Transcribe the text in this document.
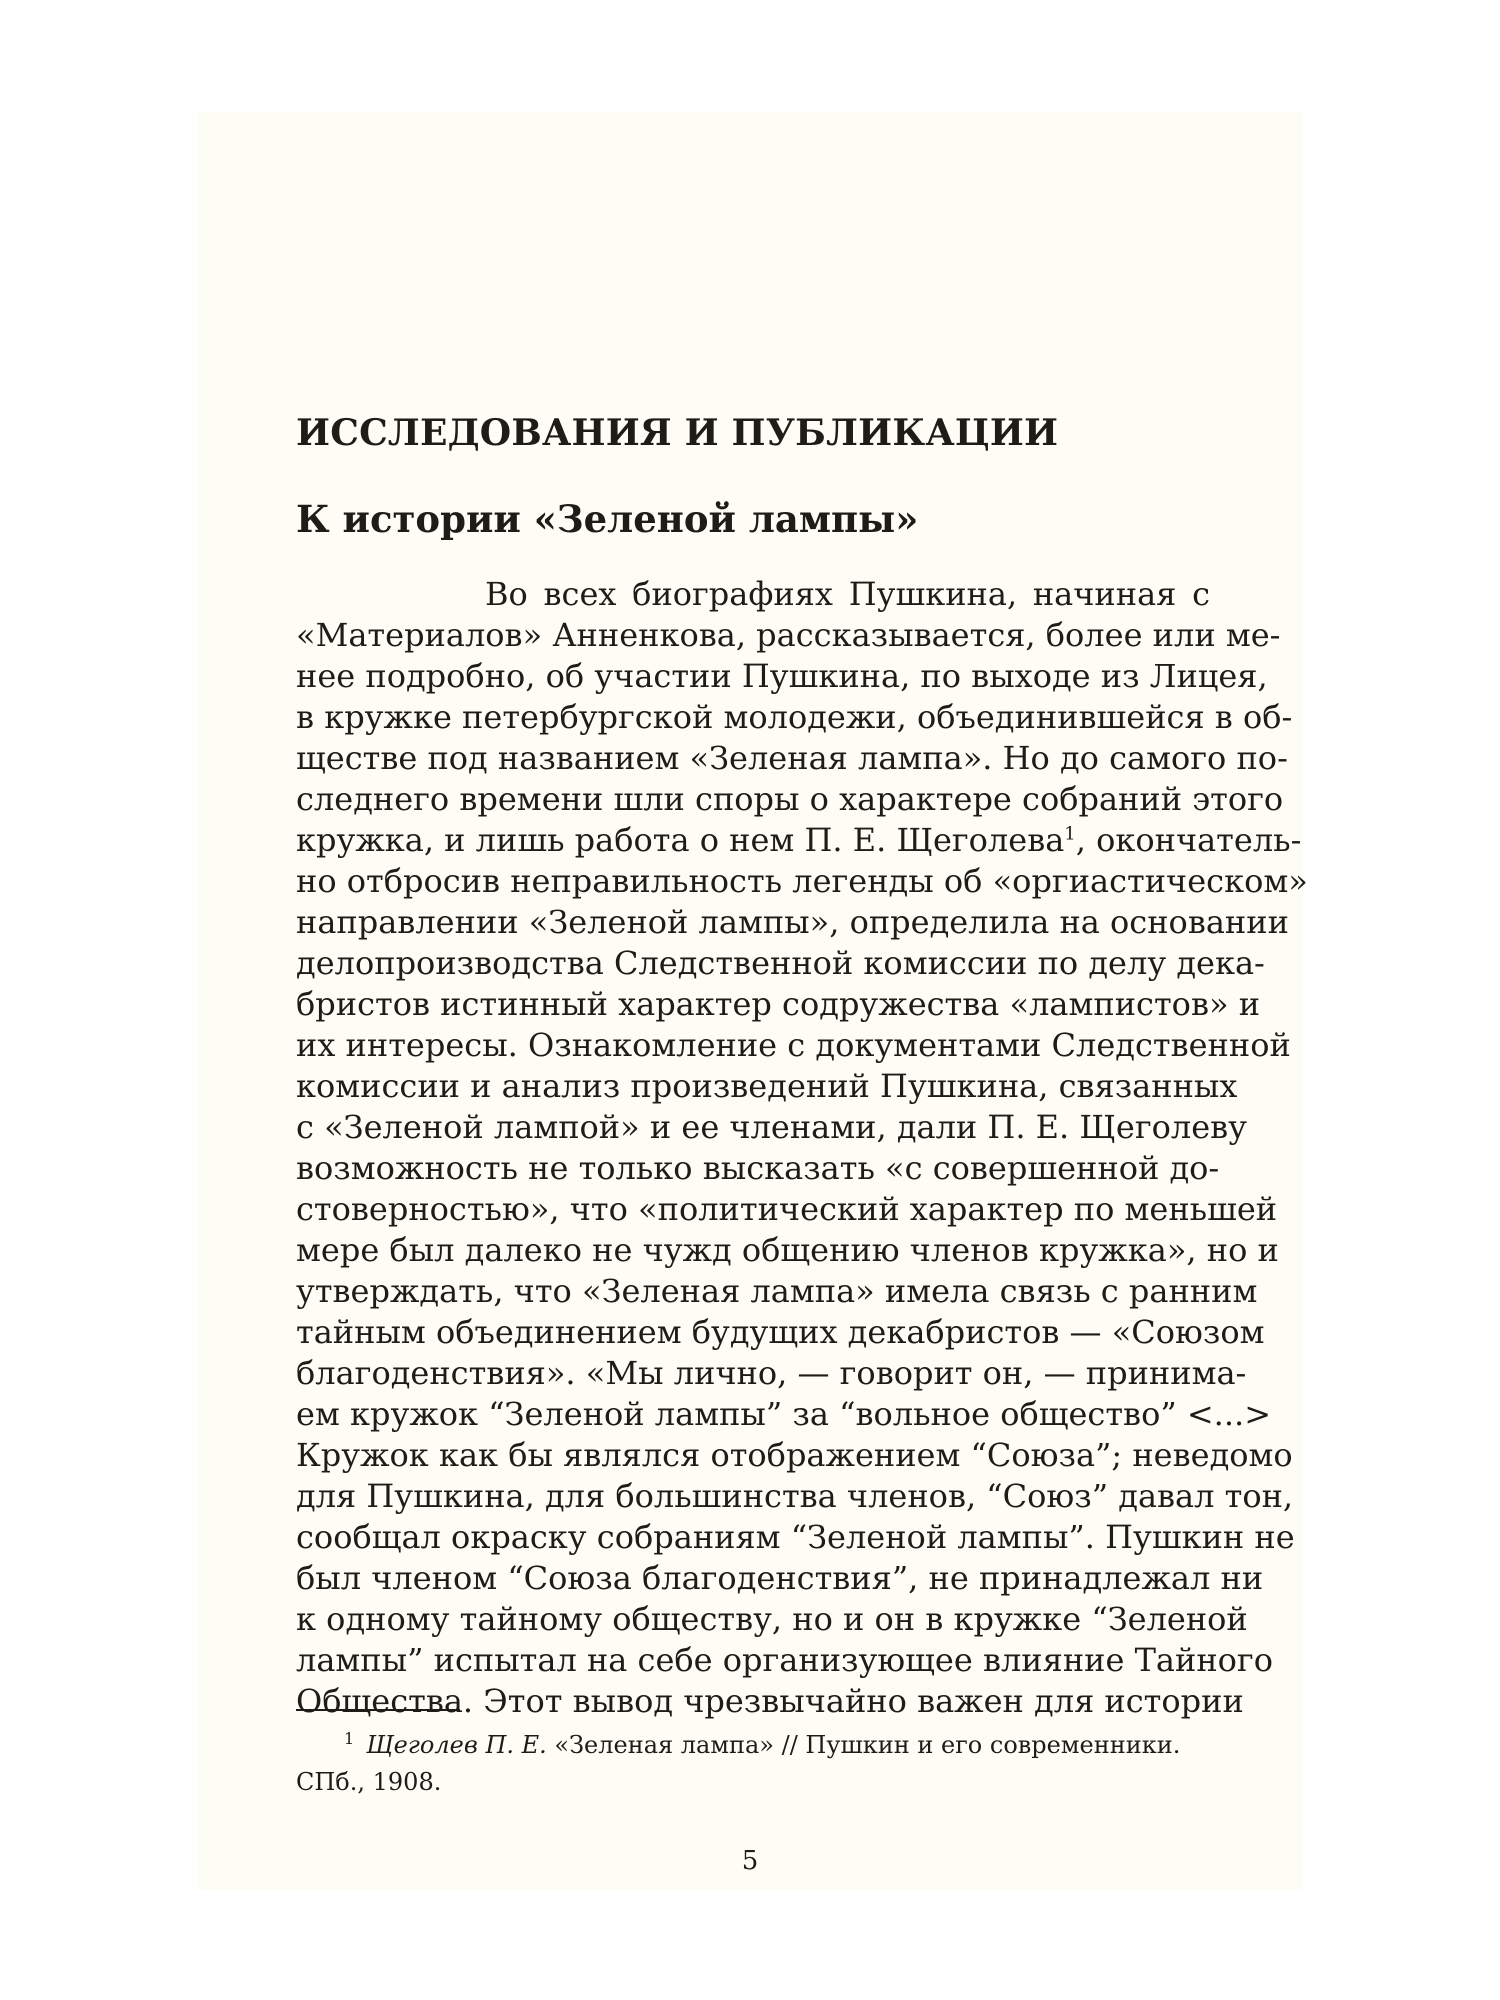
ИССЛЕДОВАНИЯ И ПУБЛИКАЦИИ
К истории «Зеленой лампы»
Во всех биографиях Пушкина, начиная с
«Материалов» Анненкова, рассказывается, более или ме-
нее подробно, об участии Пушкина, по выходе из Лицея,
в кружке петербургской молодежи, объединившейся в об-
ществе под названием «Зеленая лампа». Но до самого по-
следнего времени шли споры о характере собраний этого
кружка, и лишь работа о нем П. Е. Щеголева$^1$, окончатель-
но отбросив неправильность легенды об «оргиастическом»
направлении «Зеленой лампы», определила на основании
делопроизводства Следственной комиссии по делу дека-
бристов истинный характер содружества «лампистов» и
их интересы. Ознакомление с документами Следственной
комиссии и анализ произведений Пушкина, связанных
с «Зеленой лампой» и ее членами, дали П. Е. Щеголеву
возможность не только высказать «с совершенной до-
стоверностью», что «политический характер по меньшей
мере был далеко не чужд общению членов кружка», но и
утверждать, что «Зеленая лампа» имела связь с ранним
тайным объединением будущих декабристов — «Союзом
благоденствия». «Мы лично, — говорит он, — принима-
ем кружок “Зеленой лампы” за “вольное общество” <...>
Кружок как бы являлся отображением “Союза”; неведомо
для Пушкина, для большинства членов, “Союз” давал тон,
сообщал окраску собраниям “Зеленой лампы”. Пушкин не
был членом “Союза благоденствия”, не принадлежал ни
к одному тайному обществу, но и он в кружке “Зеленой
лампы” испытал на себе организующее влияние Тайного
Общества. Этот вывод чрезвычайно важен для истории
$^1$ Щеголев П. Е. «Зеленая лампа» // Пушкин и его современники.
СПб., 1908.
5
